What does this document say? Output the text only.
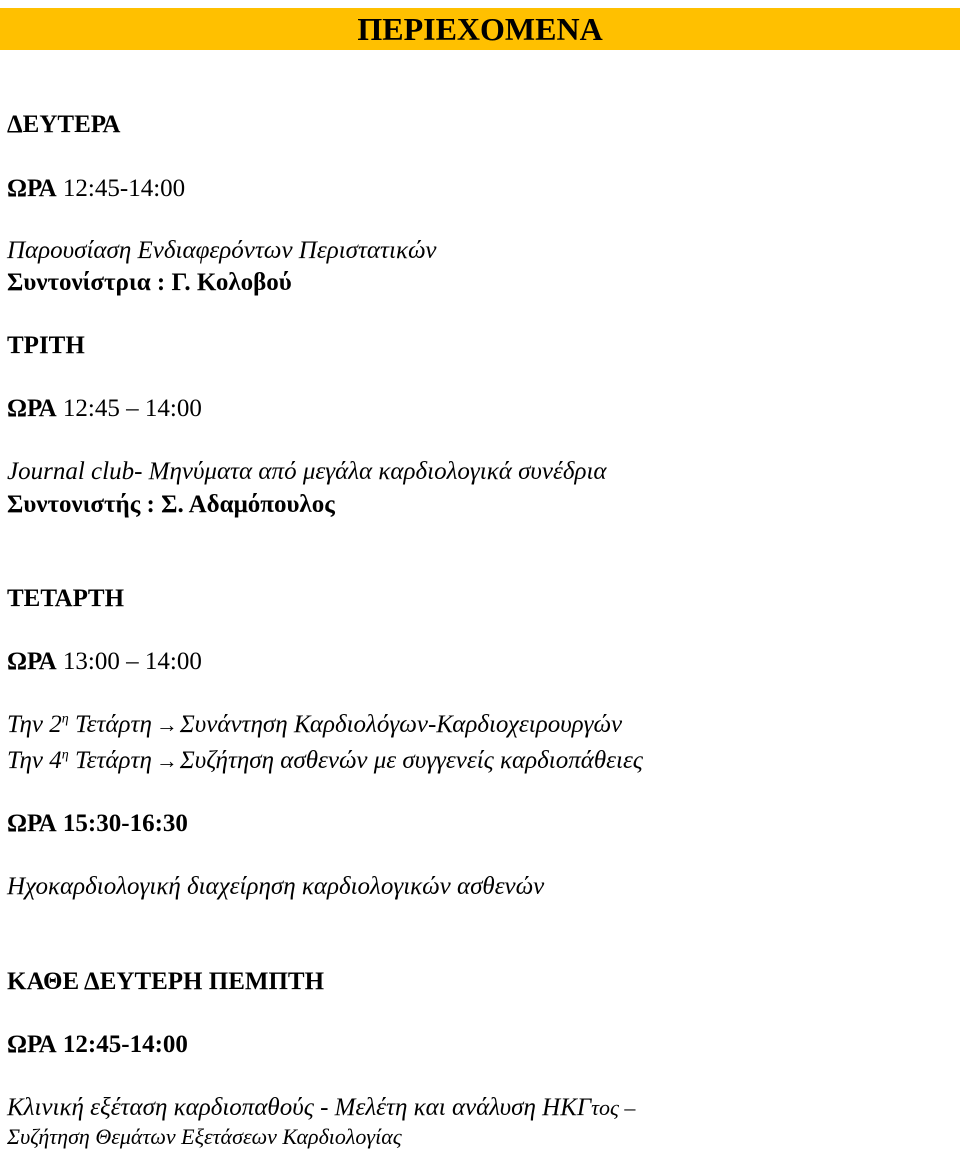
ΠΕΡΙΕΧΟΜΕΝΑ
ΔΕΥΤΕΡΑ
ΩΡΑ 12:45-14:00
Παρουσίαση Ενδιαφερόντων Περιστατικών
Συντονίστρια : Γ. Κολοβού
ΤΡΙΤΗ
ΩΡΑ 12:45 – 14:00
Journal club- Μηνύματα από μεγάλα καρδιολογικά συνέδρια
Συντονιστής : Σ. Αδαμόπουλος
ΤΕΤΑΡΤΗ
ΩΡΑ 13:00 – 14:00
Την $2^\eta$ Τετάρτη →Συνάντηση Καρδιολόγων-Καρδιοχειρουργών
Την $4^\eta$ Τετάρτη →Συζήτηση ασθενών με συγγενείς καρδιοπάθειες
ΩΡΑ 15:30-16:30
Ηχοκαρδιολογική διαχείρηση καρδιολογικών ασθενών
ΚΑΘΕ ΔΕΥΤΕΡΗ ΠΕΜΠΤΗ
ΩΡΑ 12:45-14:00
Κλινική εξέταση καρδιοπαθούς - Μελέτη και ανάλυση ΗΚΓτος –
Συζήτηση Θεμάτων Εξετάσεων Καρδιολογίας
